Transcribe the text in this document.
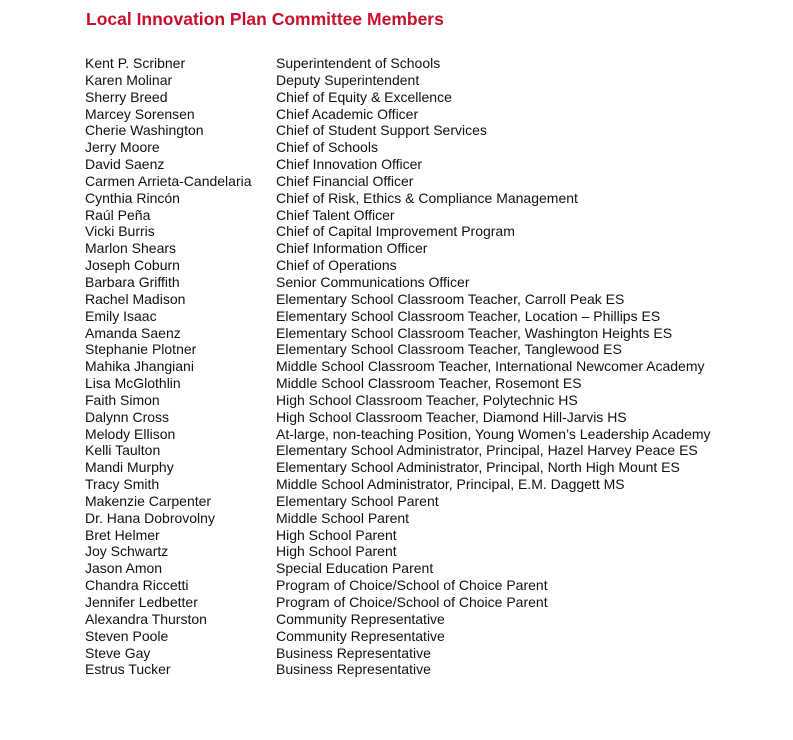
Local Innovation Plan Committee Members
Kent P. Scribner	Superintendent of Schools
Karen Molinar	Deputy Superintendent
Sherry Breed	Chief of Equity & Excellence
Marcey Sorensen	Chief Academic Officer
Cherie Washington	Chief of Student Support Services
Jerry Moore	Chief of Schools
David Saenz	Chief Innovation Officer
Carmen Arrieta-Candelaria	Chief Financial Officer
Cynthia Rincón	Chief of Risk, Ethics & Compliance Management
Raúl Peña	Chief Talent Officer
Vicki Burris	Chief of Capital Improvement Program
Marlon Shears	Chief Information Officer
Joseph Coburn	Chief of Operations
Barbara Griffith	Senior Communications Officer
Rachel Madison	Elementary School Classroom Teacher, Carroll Peak ES
Emily Isaac	Elementary School Classroom Teacher, Location – Phillips ES
Amanda Saenz	Elementary School Classroom Teacher, Washington Heights ES
Stephanie Plotner	Elementary School Classroom Teacher, Tanglewood ES
Mahika Jhangiani	Middle School Classroom Teacher, International Newcomer Academy
Lisa McGlothlin	Middle School Classroom Teacher, Rosemont ES
Faith Simon	High School Classroom Teacher, Polytechnic HS
Dalynn Cross	High School Classroom Teacher, Diamond Hill-Jarvis HS
Melody Ellison	At-large, non-teaching Position, Young Women’s Leadership Academy
Kelli Taulton	Elementary School Administrator, Principal, Hazel Harvey Peace ES
Mandi Murphy	Elementary School Administrator, Principal, North High Mount ES
Tracy Smith	Middle School Administrator, Principal, E.M. Daggett MS
Makenzie Carpenter	Elementary School Parent
Dr. Hana Dobrovolny	Middle School Parent
Bret Helmer	High School Parent
Joy Schwartz	High School Parent
Jason Amon	Special Education Parent
Chandra Riccetti	Program of Choice/School of Choice Parent
Jennifer Ledbetter	Program of Choice/School of Choice Parent
Alexandra Thurston	Community Representative
Steven Poole	Community Representative
Steve Gay	Business Representative
Estrus Tucker	Business Representative
